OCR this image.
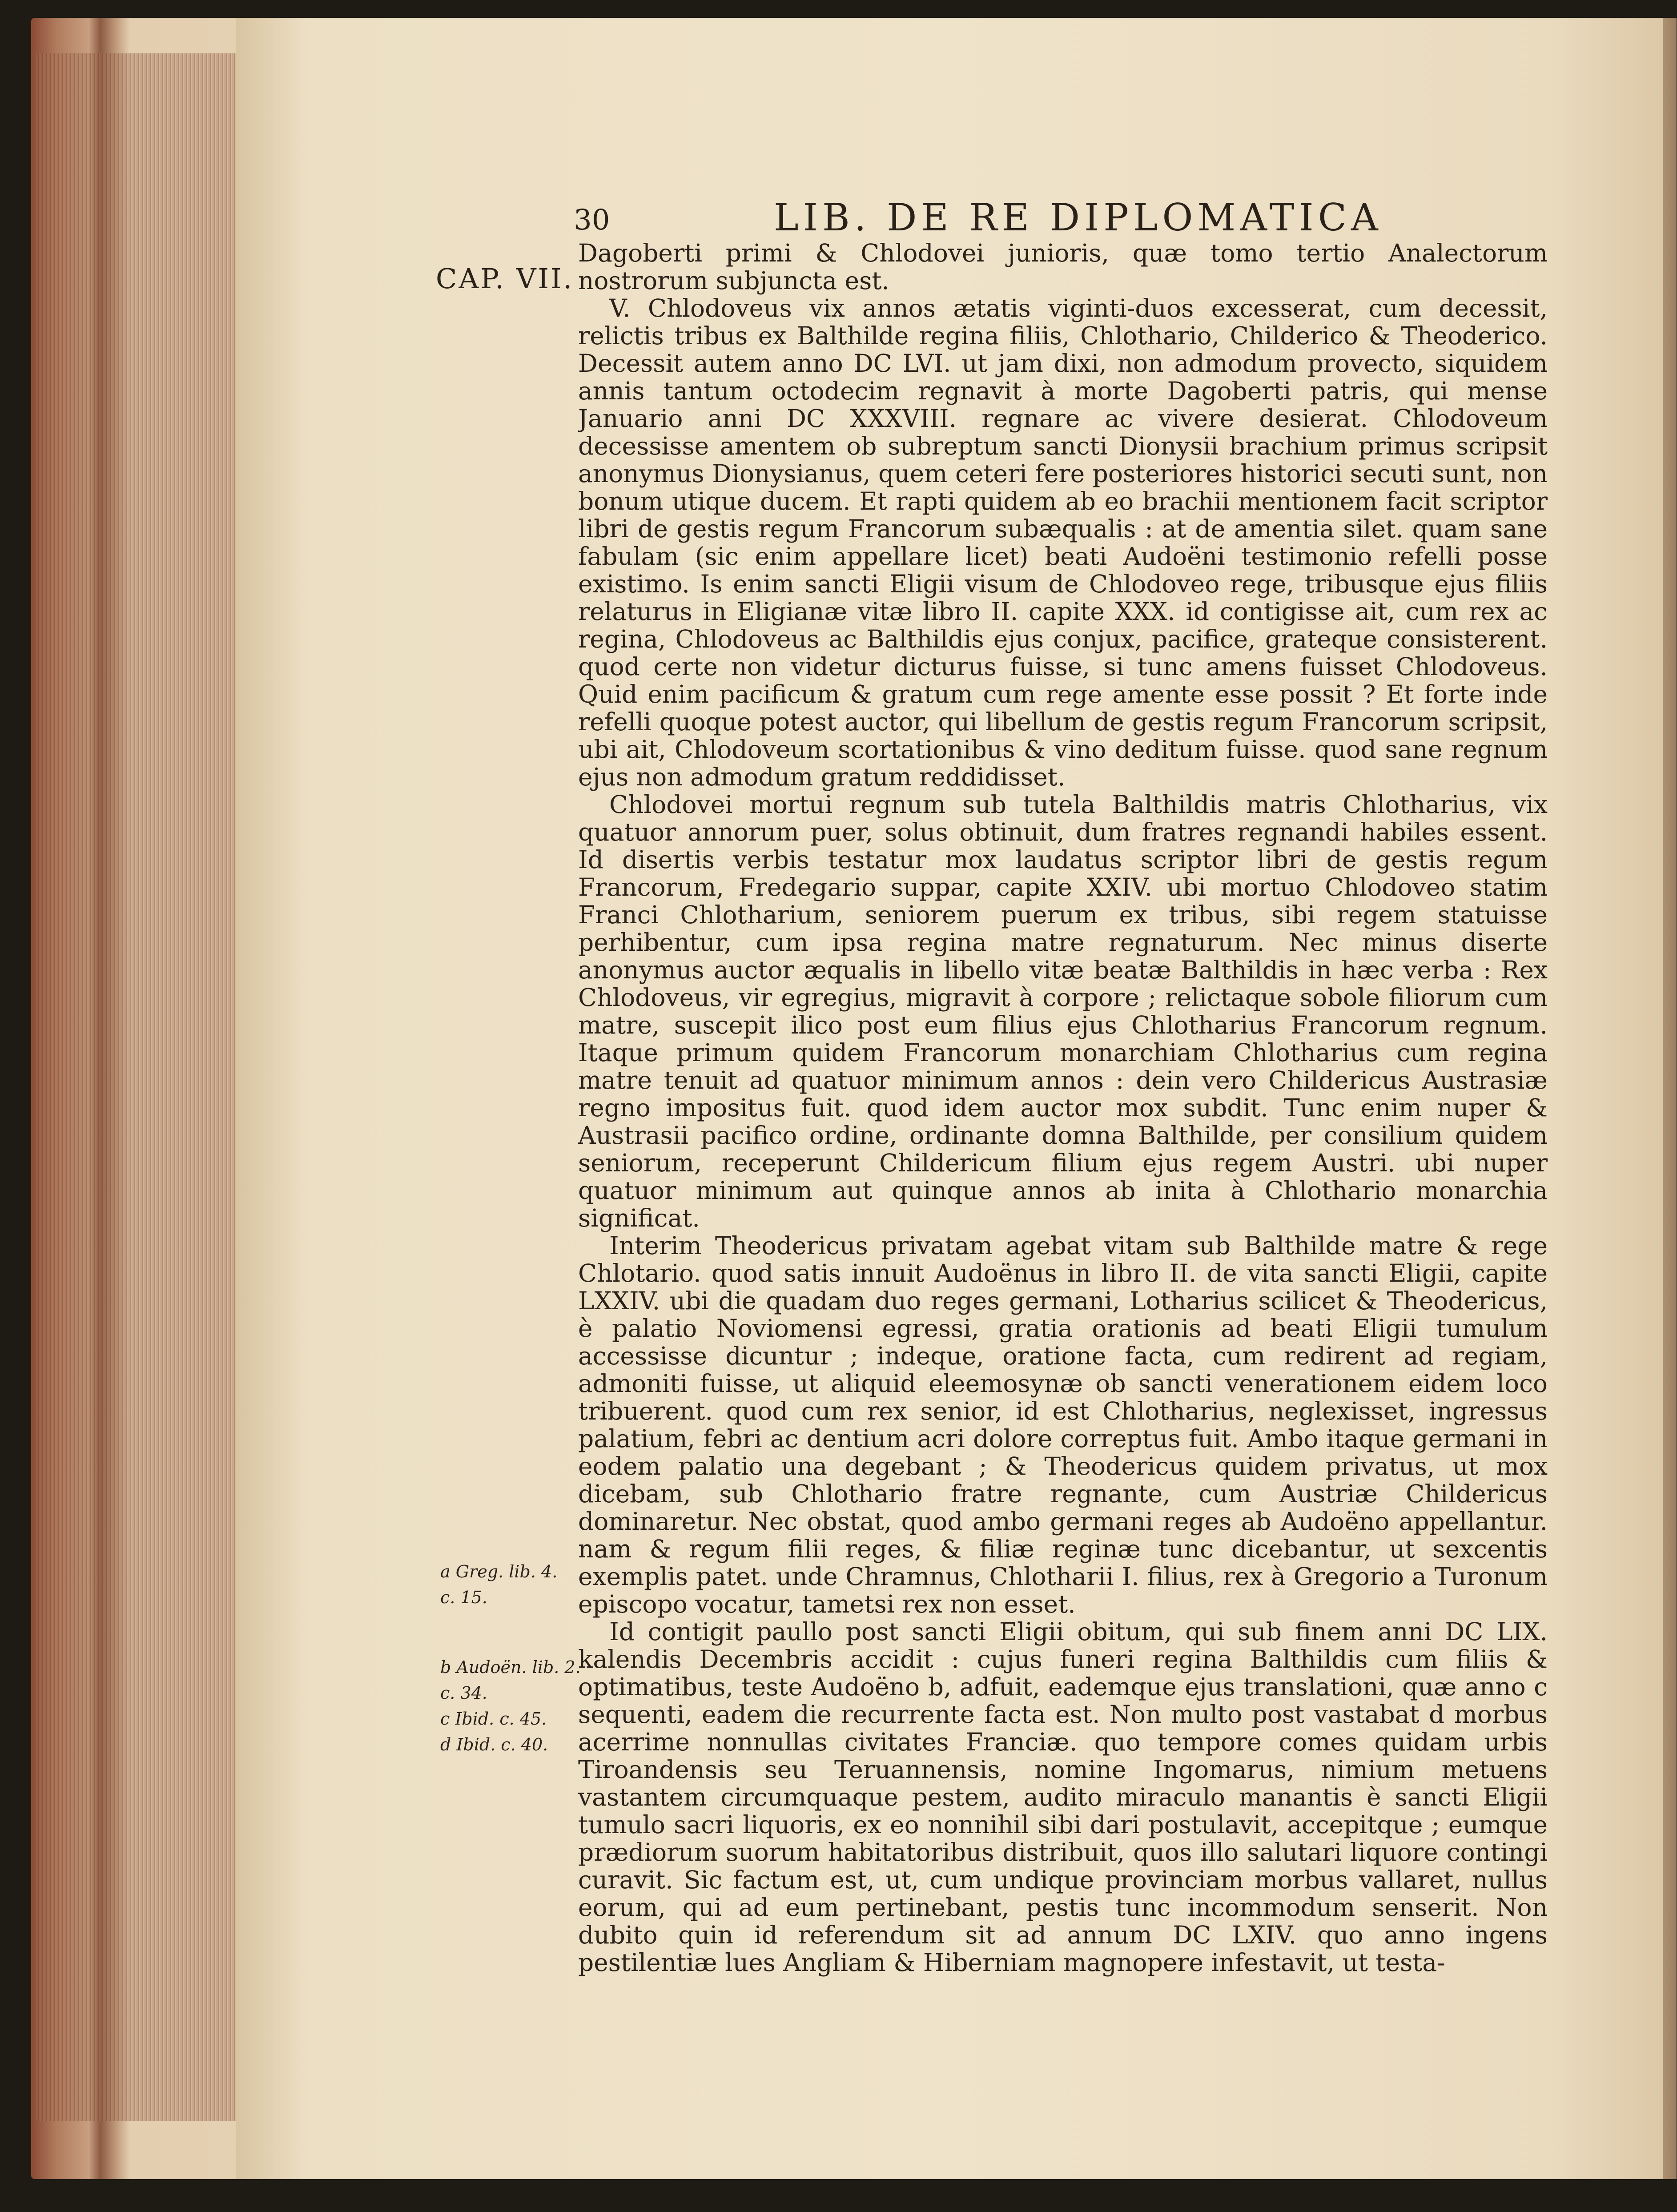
30	LIB. DE RE DIPLOMATICA
CAP. VII.

Dagoberti primi & Chlodovei junioris, quæ tomo tertio Analectorum nostrorum subjuncta est.

V. Chlodoveus vix annos ætatis viginti-duos excesserat, cum decessit, relictis tribus ex Balthilde regina filiis, Chlothario, Childerico & Theoderico. Decessit autem anno DC LVI. ut jam dixi, non admodum provecto, siquidem annis tantum octodecim regnavit à morte Dagoberti patris, qui mense Januario anni DC XXXVIII. regnare ac vivere desierat. Chlodoveum decessisse amentem ob subreptum sancti Dionysii brachium primus scripsit anonymus Dionysianus, quem ceteri fere posteriores historici secuti sunt, non bonum utique ducem. Et rapti quidem ab eo brachii mentionem facit scriptor libri de gestis regum Francorum subæqualis : at de amentia silet. quam sane fabulam (sic enim appellare licet) beati Audoëni testimonio refelli posse existimo. Is enim sancti Eligii visum de Chlodoveo rege, tribusque ejus filiis relaturus in Eligianæ vitæ libro II. capite XXX. id contigisse ait, cum rex ac regina, Chlodoveus ac Balthildis ejus conjux, pacifice, grateque consisterent. quod certe non videtur dicturus fuisse, si tunc amens fuisset Chlodoveus. Quid enim pacificum & gratum cum rege amente esse possit ? Et forte inde refelli quoque potest auctor, qui libellum de gestis regum Francorum scripsit, ubi ait, Chlodoveum scortationibus & vino deditum fuisse. quod sane regnum ejus non admodum gratum reddidisset.

Chlodovei mortui regnum sub tutela Balthildis matris Chlotharius, vix quatuor annorum puer, solus obtinuit, dum fratres regnandi habiles essent. Id disertis verbis testatur mox laudatus scriptor libri de gestis regum Francorum, Fredegario suppar, capite XXIV. ubi mortuo Chlodoveo statim Franci Chlotharium, seniorem puerum ex tribus, sibi regem statuisse perhibentur, cum ipsa regina matre regnaturum. Nec minus diserte anonymus auctor æqualis in libello vitæ beatæ Balthildis in hæc verba : Rex Chlodoveus, vir egregius, migravit à corpore ; relictaque sobole filiorum cum matre, suscepit ilico post eum filius ejus Chlotharius Francorum regnum. Itaque primum quidem Francorum monarchiam Chlotharius cum regina matre tenuit ad quatuor minimum annos : dein vero Childericus Austrasiæ regno impositus fuit. quod idem auctor mox subdit. Tunc enim nuper & Austrasii pacifico ordine, ordinante domna Balthilde, per consilium quidem seniorum, receperunt Childericum filium ejus regem Austri. ubi nuper quatuor minimum aut quinque annos ab inita à Chlothario monarchia significat.

Interim Theodericus privatam agebat vitam sub Balthilde matre & rege Chlotario. quod satis innuit Audoënus in libro II. de vita sancti Eligii, capite LXXIV. ubi die quadam duo reges germani, Lotharius scilicet & Theodericus, è palatio Noviomensi egressi, gratia orationis ad beati Eligii tumulum accessisse dicuntur ; indeque, oratione facta, cum redirent ad regiam, admoniti fuisse, ut aliquid eleemosynæ ob sancti venerationem eidem loco tribuerent. quod cum rex senior, id est Chlotharius, neglexisset, ingressus palatium, febri ac dentium acri dolore correptus fuit. Ambo itaque germani in eodem palatio una degebant ; & Theodericus quidem privatus, ut mox dicebam, sub Chlothario fratre regnante, cum Austriæ Childericus dominaretur. Nec obstat, quod ambo germani reges ab Audoëno appellantur. nam & regum filii reges, & filiæ reginæ tunc dicebantur, ut sexcentis exemplis patet. unde Chramnus, Chlotharii I. filius, rex à Gregorio a Turonum episcopo vocatur, tametsi rex non esset.

Id contigit paullo post sancti Eligii obitum, qui sub finem anni DC LIX. kalendis Decembris accidit : cujus funeri regina Balthildis cum filiis & optimatibus, teste Audoëno b, adfuit, eademque ejus translationi, quæ anno c sequenti, eadem die recurrente facta est. Non multo post vastabat d morbus acerrime nonnullas civitates Franciæ. quo tempore comes quidam urbis Tiroandensis seu Teruannensis, nomine Ingomarus, nimium metuens vastantem circumquaque pestem, audito miraculo manantis è sancti Eligii tumulo sacri liquoris, ex eo nonnihil sibi dari postulavit, accepitque ; eumque prædiorum suorum habitatoribus distribuit, quos illo salutari liquore contingi curavit. Sic factum est, ut, cum undique provinciam morbus vallaret, nullus eorum, qui ad eum pertinebant, pestis tunc incommodum senserit. Non dubito quin id referendum sit ad annum DC LXIV. quo anno ingens pestilentiæ lues Angliam & Hiberniam magnopere infestavit, ut testa-

a Greg. lib. 4.
c. 15.
b Audoën. lib. 2.
c. 34.
c Ibid. c. 45.
d Ibid. c. 40.
